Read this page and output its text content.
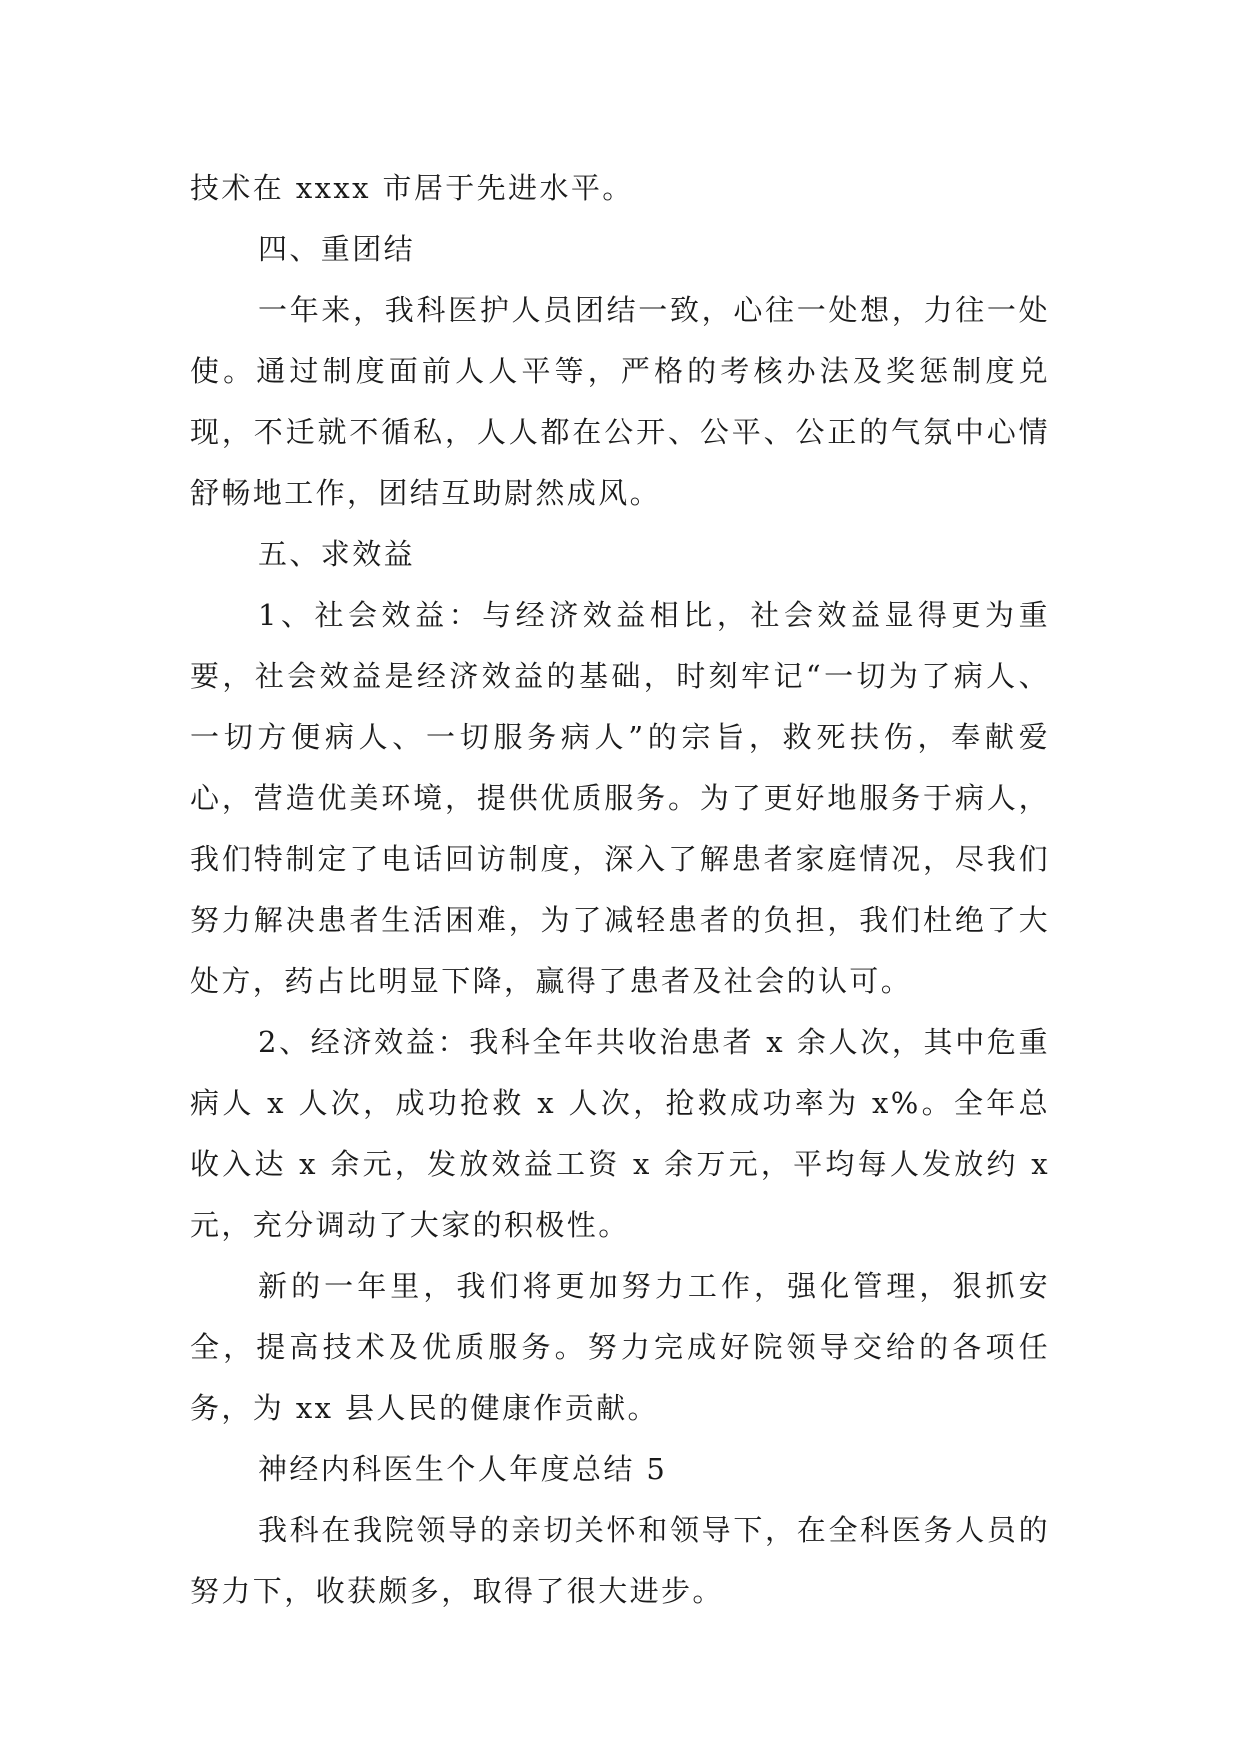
技术在 xxxx 市居于先进水平。

四、重团结

一年来，我科医护人员团结一致，心往一处想，力往一处使。通过制度面前人人平等，严格的考核办法及奖惩制度兑现，不迁就不循私，人人都在公开、公平、公正的气氛中心情舒畅地工作，团结互助尉然成风。

五、求效益

1、社会效益：与经济效益相比，社会效益显得更为重要，社会效益是经济效益的基础，时刻牢记“一切为了病人、一切方便病人、一切服务病人”的宗旨，救死扶伤，奉献爱心，营造优美环境，提供优质服务。为了更好地服务于病人，我们特制定了电话回访制度，深入了解患者家庭情况，尽我们努力解决患者生活困难，为了减轻患者的负担，我们杜绝了大处方，药占比明显下降，赢得了患者及社会的认可。

2、经济效益：我科全年共收治患者 x 余人次，其中危重病人 x 人次，成功抢救 x 人次，抢救成功率为 x%。全年总收入达 x 余元，发放效益工资 x 余万元，平均每人发放约 x 元，充分调动了大家的积极性。

新的一年里，我们将更加努力工作，强化管理，狠抓安全，提高技术及优质服务。努力完成好院领导交给的各项任务，为 xx 县人民的健康作贡献。

神经内科医生个人年度总结 5

我科在我院领导的亲切关怀和领导下，在全科医务人员的努力下，收获颇多，取得了很大进步。
